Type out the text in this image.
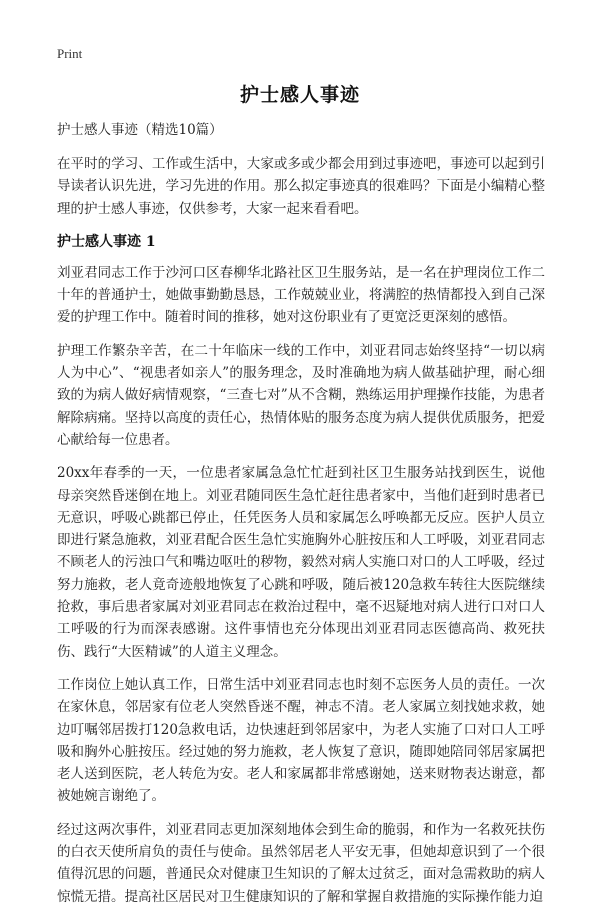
Print
护士感人事迹

护士感人事迹（精选10篇）

在平时的学习、工作或生活中，大家或多或少都会用到过事迹吧，事迹可以起到引导读者认识先进，学习先进的作用。那么拟定事迹真的很难吗？下面是小编精心整理的护士感人事迹，仅供参考，大家一起来看看吧。

护士感人事迹 1

刘亚君同志工作于沙河口区春柳华北路社区卫生服务站，是一名在护理岗位工作二十年的普通护士，她做事勤勤恳恳，工作兢兢业业，将满腔的热情都投入到自己深爱的护理工作中。随着时间的推移，她对这份职业有了更宽泛更深刻的感悟。

护理工作繁杂辛苦，在二十年临床一线的工作中，刘亚君同志始终坚持“一切以病人为中心”、“视患者如亲人”的服务理念，及时准确地为病人做基础护理，耐心细致的为病人做好病情观察，“三查七对”从不含糊，熟练运用护理操作技能，为患者解除病痛。坚持以高度的责任心，热情体贴的服务态度为病人提供优质服务，把爱心献给每一位患者。

20xx年春季的一天，一位患者家属急急忙忙赶到社区卫生服务站找到医生，说他母亲突然昏迷倒在地上。刘亚君随同医生急忙赶往患者家中，当他们赶到时患者已无意识，呼吸心跳都已停止，任凭医务人员和家属怎么呼唤都无反应。医护人员立即进行紧急施救，刘亚君配合医生急忙实施胸外心脏按压和人工呼吸，刘亚君同志不顾老人的污浊口气和嘴边呕吐的秽物，毅然对病人实施口对口的人工呼吸，经过努力施救，老人竟奇迹般地恢复了心跳和呼吸，随后被120急救车转往大医院继续抢救，事后患者家属对刘亚君同志在救治过程中，毫不迟疑地对病人进行口对口人工呼吸的行为而深表感谢。这件事情也充分体现出刘亚君同志医德高尚、救死扶伤、践行“大医精诚”的人道主义理念。

工作岗位上她认真工作，日常生活中刘亚君同志也时刻不忘医务人员的责任。一次在家休息，邻居家有位老人突然昏迷不醒，神志不清。老人家属立刻找她求救，她边叮嘱邻居拨打120急救电话，边快速赶到邻居家中，为老人实施了口对口人工呼吸和胸外心脏按压。经过她的努力施救，老人恢复了意识，随即她陪同邻居家属把老人送到医院，老人转危为安。老人和家属都非常感谢她，送来财物表达谢意，都被她婉言谢绝了。

经过这两次事件，刘亚君同志更加深刻地体会到生命的脆弱，和作为一名救死扶伤的白衣天使所肩负的责任与使命。虽然邻居老人平安无事，但她却意识到了一个很值得沉思的问题，普通民众对健康卫生知识的了解太过贫乏，面对急需救助的病人惊慌无措。提高社区居民对卫生健康知识的了解和掌握自救措施的实际操作能力迫
